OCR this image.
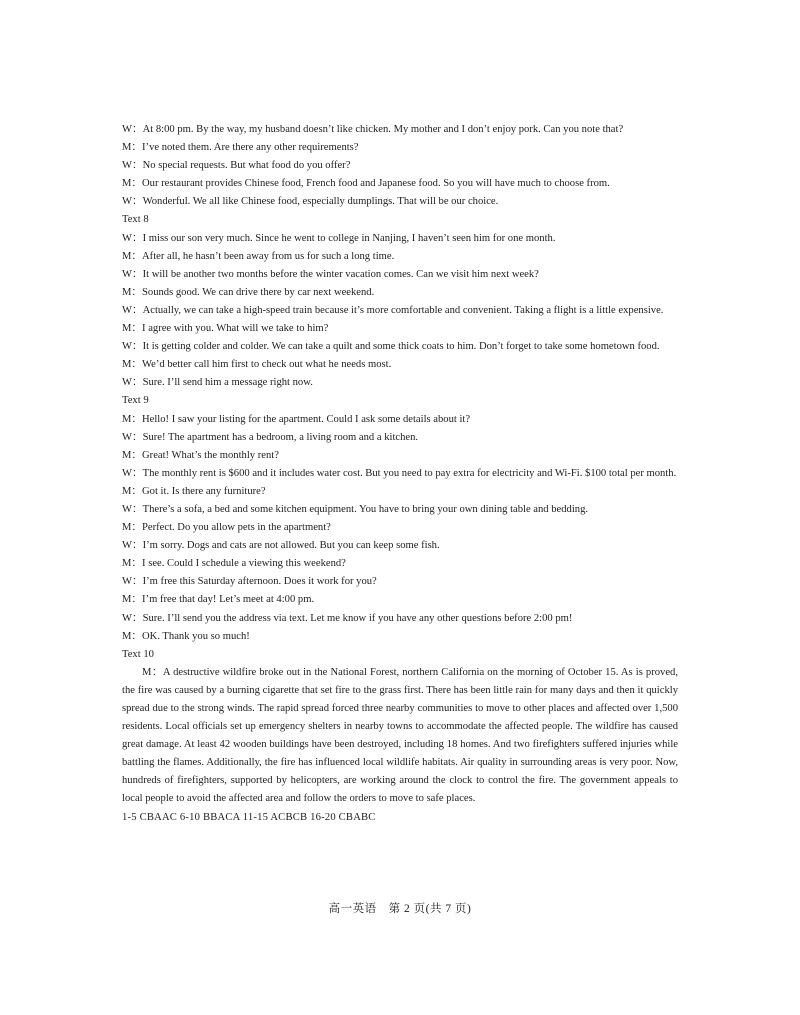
W：At 8:00 pm. By the way, my husband doesn’t like chicken. My mother and I don’t enjoy pork. Can you note that?
M：I’ve noted them. Are there any other requirements?
W：No special requests. But what food do you offer?
M：Our restaurant provides Chinese food, French food and Japanese food. So you will have much to choose from.
W：Wonderful. We all like Chinese food, especially dumplings. That will be our choice.
Text 8
W：I miss our son very much. Since he went to college in Nanjing, I haven’t seen him for one month.
M：After all, he hasn’t been away from us for such a long time.
W：It will be another two months before the winter vacation comes. Can we visit him next week?
M：Sounds good. We can drive there by car next weekend.
W：Actually, we can take a high-speed train because it’s more comfortable and convenient. Taking a flight is a little expensive.
M：I agree with you. What will we take to him?
W：It is getting colder and colder. We can take a quilt and some thick coats to him. Don’t forget to take some hometown food.
M：We’d better call him first to check out what he needs most.
W：Sure. I’ll send him a message right now.
Text 9
M：Hello! I saw your listing for the apartment. Could I ask some details about it?
W：Sure! The apartment has a bedroom, a living room and a kitchen.
M：Great! What’s the monthly rent?
W：The monthly rent is $600 and it includes water cost. But you need to pay extra for electricity and Wi-Fi. $100 total per month.
M：Got it. Is there any furniture?
W：There’s a sofa, a bed and some kitchen equipment. You have to bring your own dining table and bedding.
M：Perfect. Do you allow pets in the apartment?
W：I’m sorry. Dogs and cats are not allowed. But you can keep some fish.
M：I see. Could I schedule a viewing this weekend?
W：I’m free this Saturday afternoon. Does it work for you?
M：I’m free that day! Let’s meet at 4:00 pm.
W：Sure. I’ll send you the address via text. Let me know if you have any other questions before 2:00 pm!
M：OK. Thank you so much!
Text 10
M：A destructive wildfire broke out in the National Forest, northern California on the morning of October 15. As is proved, the fire was caused by a burning cigarette that set fire to the grass first. There has been little rain for many days and then it quickly spread due to the strong winds. The rapid spread forced three nearby communities to move to other places and affected over 1,500 residents. Local officials set up emergency shelters in nearby towns to accommodate the affected people. The wildfire has caused great damage. At least 42 wooden buildings have been destroyed, including 18 homes. And two firefighters suffered injuries while battling the flames. Additionally, the fire has influenced local wildlife habitats. Air quality in surrounding areas is very poor. Now, hundreds of firefighters, supported by helicopters, are working around the clock to control the fire. The government appeals to local people to avoid the affected area and follow the orders to move to safe places.
1-5 CBAAC 6-10 BBACA 11-15 ACBCB 16-20 CBABC
高一英语　第 2 页(共 7 页)
